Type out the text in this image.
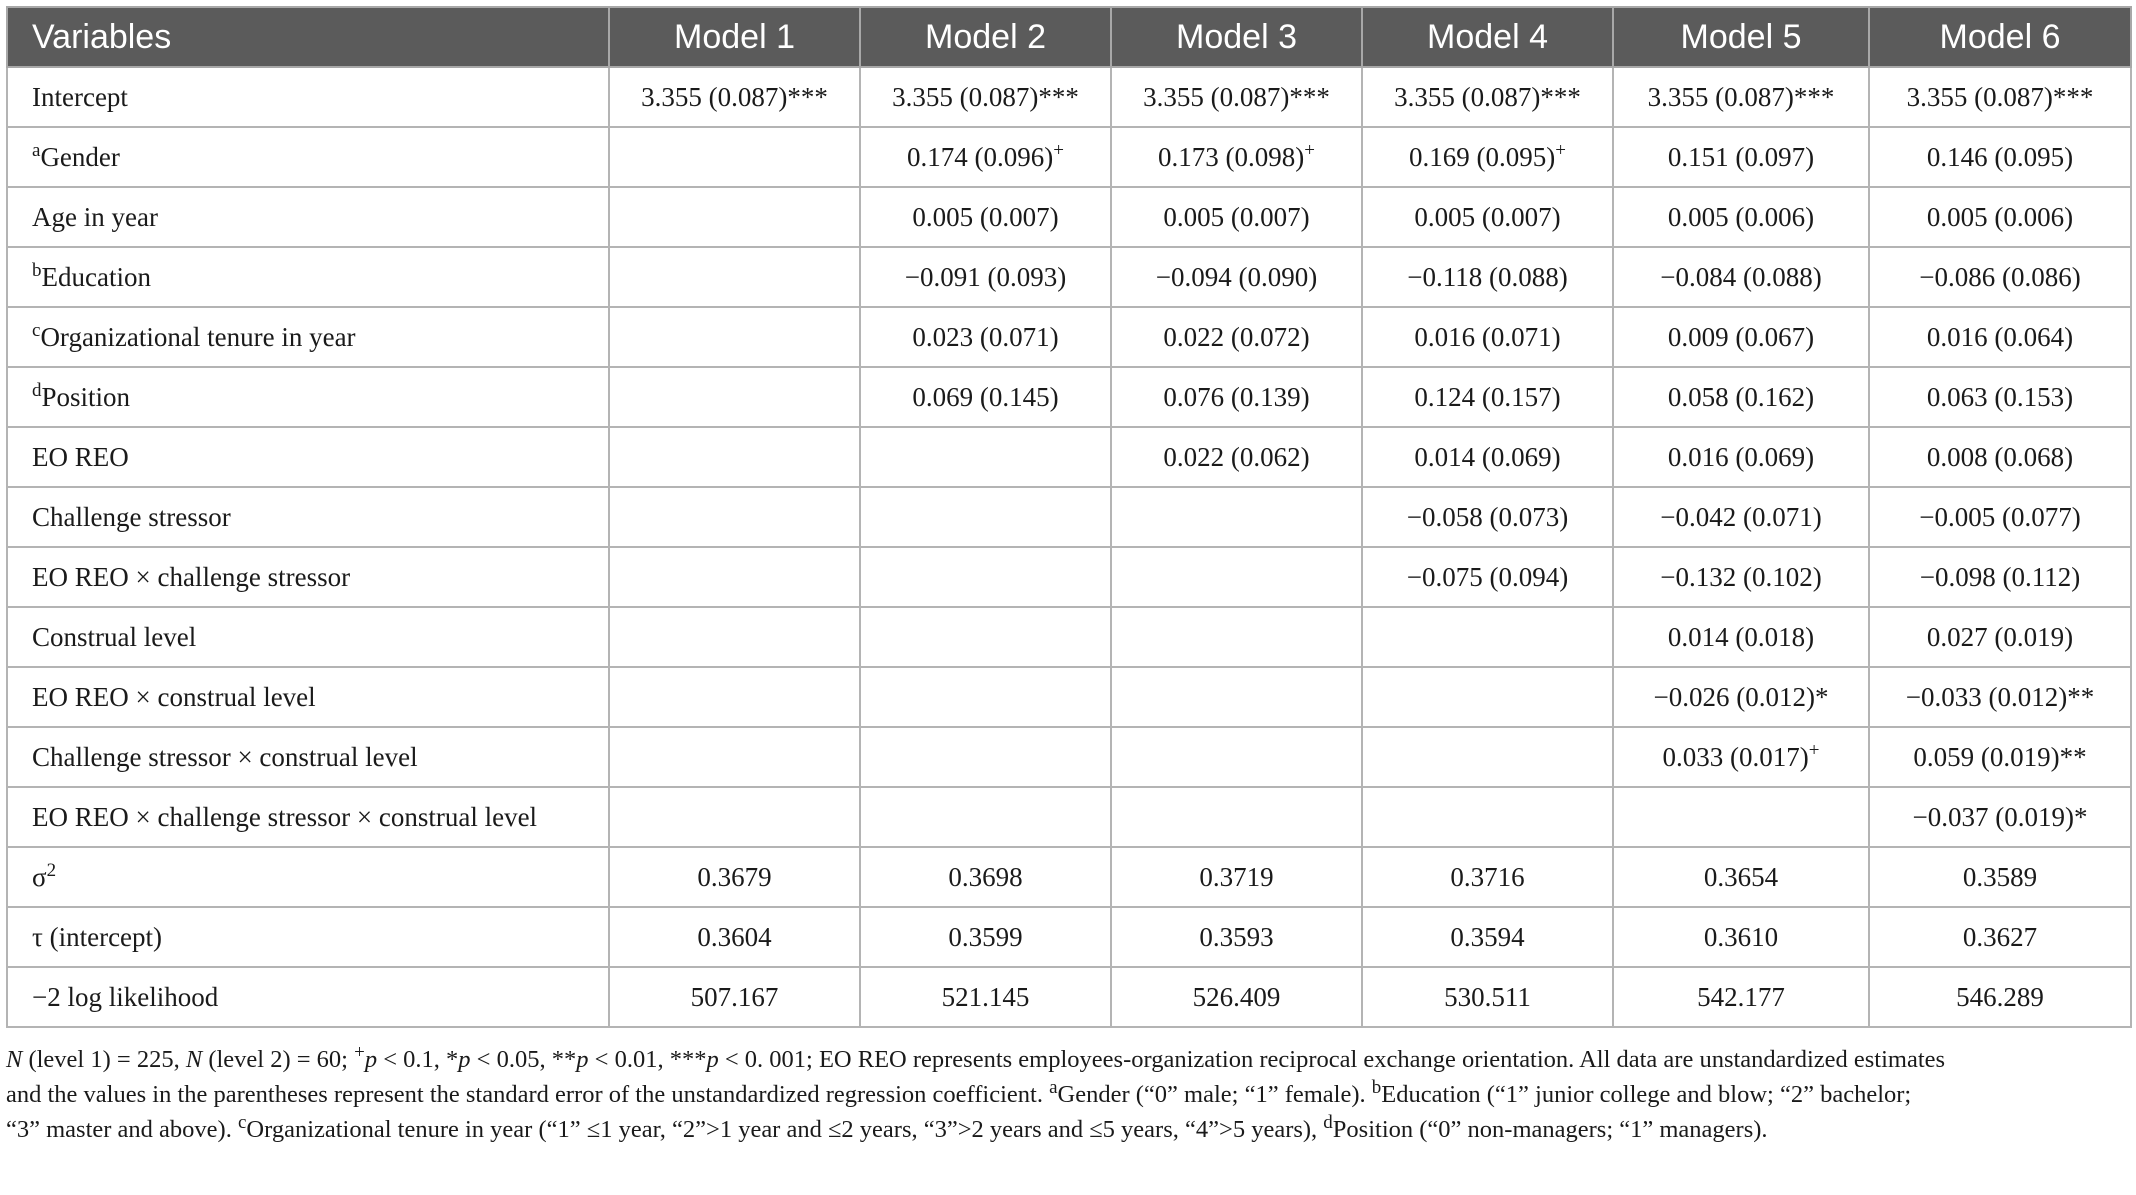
Variables	Model 1	Model 2	Model 3	Model 4	Model 5	Model 6
Intercept	3.355 (0.087)***	3.355 (0.087)***	3.355 (0.087)***	3.355 (0.087)***	3.355 (0.087)***	3.355 (0.087)***
$^a$Gender		0.174 (0.096)+	0.173 (0.098)+	0.169 (0.095)+	0.151 (0.097)	0.146 (0.095)
Age in year		0.005 (0.007)	0.005 (0.007)	0.005 (0.007)	0.005 (0.006)	0.005 (0.006)
$^b$Education		−0.091 (0.093)	−0.094 (0.090)	−0.118 (0.088)	−0.084 (0.088)	−0.086 (0.086)
$^c$Organizational tenure in year		0.023 (0.071)	0.022 (0.072)	0.016 (0.071)	0.009 (0.067)	0.016 (0.064)
$^d$Position		0.069 (0.145)	0.076 (0.139)	0.124 (0.157)	0.058 (0.162)	0.063 (0.153)
EO REO			0.022 (0.062)	0.014 (0.069)	0.016 (0.069)	0.008 (0.068)
Challenge stressor				−0.058 (0.073)	−0.042 (0.071)	−0.005 (0.077)
EO REO × challenge stressor				−0.075 (0.094)	−0.132 (0.102)	−0.098 (0.112)
Construal level					0.014 (0.018)	0.027 (0.019)
EO REO × construal level					−0.026 (0.012)*	−0.033 (0.012)**
Challenge stressor × construal level					0.033 (0.017)+	0.059 (0.019)**
EO REO × challenge stressor × construal level						−0.037 (0.019)*
$\sigma^2$	0.3679	0.3698	0.3719	0.3716	0.3654	0.3589
τ (intercept)	0.3604	0.3599	0.3593	0.3594	0.3610	0.3627
−2 log likelihood	507.167	521.145	526.409	530.511	542.177	546.289
N (level 1) = 225, N (level 2) = 60; +p < 0.1, *p < 0.05, **p < 0.01, ***p < 0. 001; EO REO represents employees-organization reciprocal exchange orientation. All data are unstandardized estimates
and the values in the parentheses represent the standard error of the unstandardized regression coefficient. $^a$Gender (“0” male; “1” female). $^b$Education (“1” junior college and blow; “2” bachelor;
“3” master and above). $^c$Organizational tenure in year (“1” ≤1 year, “2”>1 year and ≤2 years, “3”>2 years and ≤5 years, “4”>5 years), $^d$Position (“0” non-managers; “1” managers).
